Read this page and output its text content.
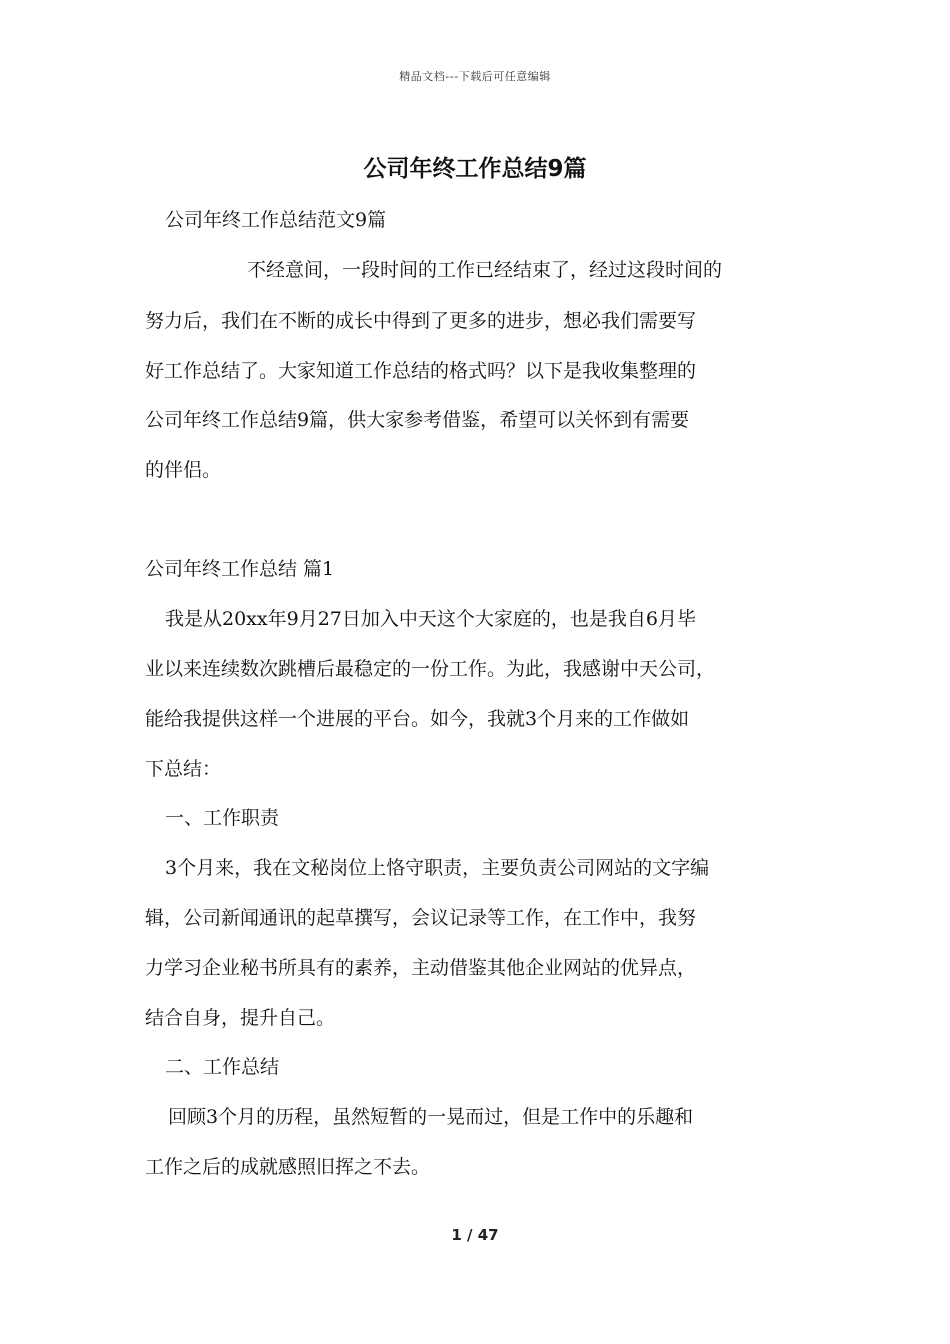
精品文档---下载后可任意编辑
公司年终工作总结9篇
公司年终工作总结范文9篇
不经意间，一段时间的工作已经结束了，经过这段时间的
努力后，我们在不断的成长中得到了更多的进步，想必我们需要写
好工作总结了。大家知道工作总结的格式吗？以下是我收集整理的
公司年终工作总结9篇，供大家参考借鉴，希望可以关怀到有需要
的伴侣。
公司年终工作总结 篇1
我是从20xx年9月27日加入中天这个大家庭的，也是我自6月毕
业以来连续数次跳槽后最稳定的一份工作。为此，我感谢中天公司，
能给我提供这样一个进展的平台。如今，我就3个月来的工作做如
下总结：
一、工作职责
3个月来，我在文秘岗位上恪守职责，主要负责公司网站的文字编
辑，公司新闻通讯的起草撰写，会议记录等工作，在工作中，我努
力学习企业秘书所具有的素养，主动借鉴其他企业网站的优异点，
结合自身，提升自己。
二、工作总结
回顾3个月的历程，虽然短暂的一晃而过，但是工作中的乐趣和
工作之后的成就感照旧挥之不去。
1 / 47
